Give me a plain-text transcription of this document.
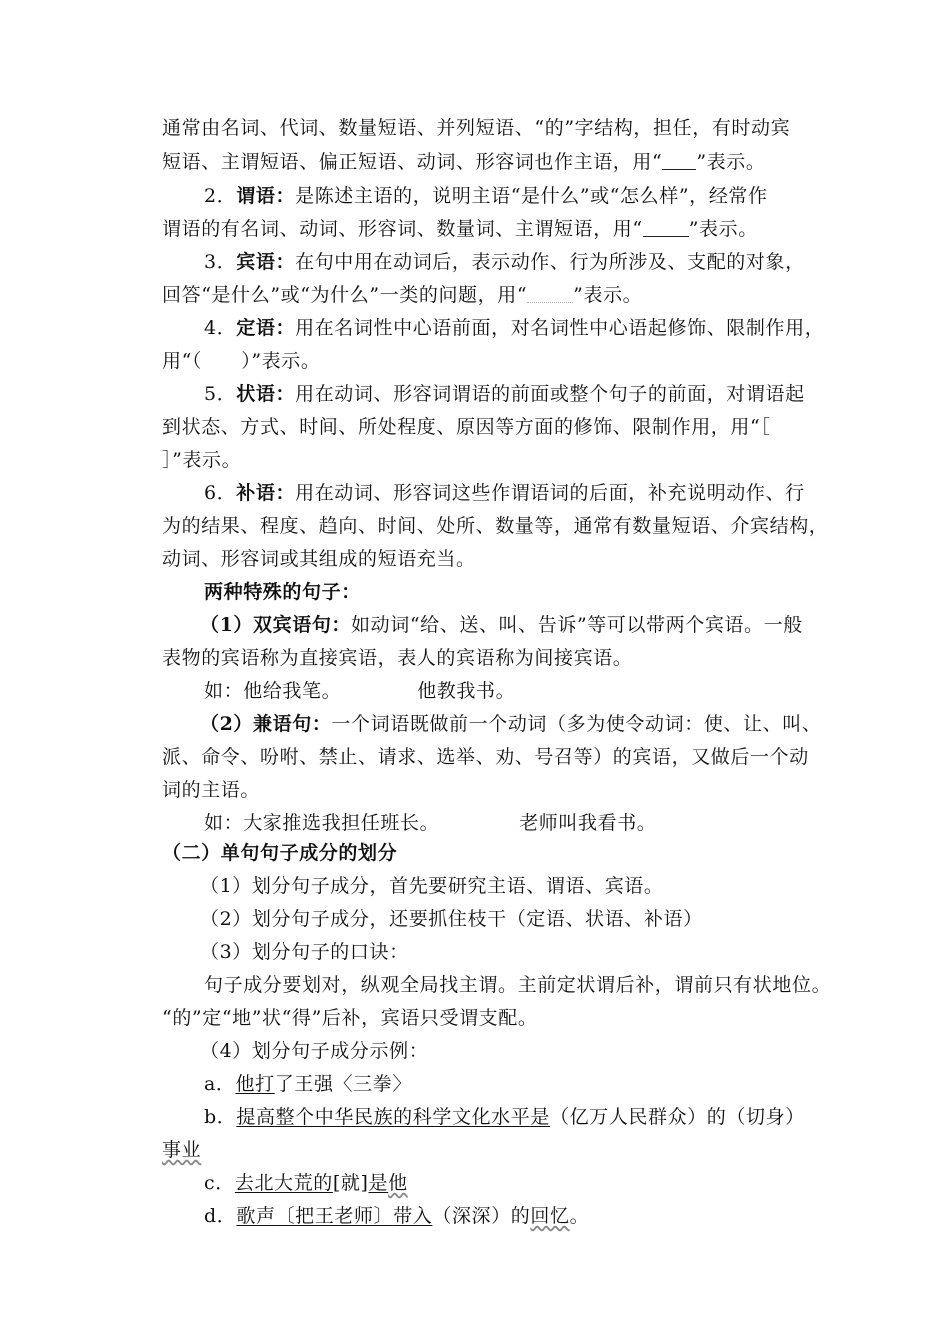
通常由名词、代词、数量短语、并列短语、“的”字结构，担任，有时动宾
短语、主谓短语、偏正短语、动词、形容词也作主语，用“ ”表示。
2．谓语：是陈述主语的，说明主语“是什么”或“怎么样”，经常作
谓语的有名词、动词、形容词、数量词、主谓短语，用“ ”表示。
3．宾语：在句中用在动词后，表示动作、行为所涉及、支配的对象，
回答“是什么”或“为什么”一类的问题，用“ ”表示。
4．定语：用在名词性中心语前面，对名词性中心语起修饰、限制作用，
用“（　　）”表示。
5．状语：用在动词、形容词谓语的前面或整个句子的前面，对谓语起
到状态、方式、时间、所处程度、原因等方面的修饰、限制作用，用“［
］”表示。
6．补语：用在动词、形容词这些作谓语词的后面，补充说明动作、行
为的结果、程度、趋向、时间、处所、数量等，通常有数量短语、介宾结构，
动词、形容词或其组成的短语充当。
两种特殊的句子：
（1）双宾语句：如动词“给、送、叫、告诉”等可以带两个宾语。一般
表物的宾语称为直接宾语，表人的宾语称为间接宾语。
如：他给我笔。	他教我书。
（2）兼语句：一个词语既做前一个动词（多为使令动词：使、让、叫、
派、命令、吩咐、禁止、请求、选举、劝、号召等）的宾语，又做后一个动
词的主语。
如：大家推选我担任班长。	老师叫我看书。
（二）单句句子成分的划分
（1）划分句子成分，首先要研究主语、谓语、宾语。
（2）划分句子成分，还要抓住枝干（定语、状语、补语）
（3）划分句子的口诀：
句子成分要划对，纵观全局找主谓。主前定状谓后补，谓前只有状地位。
“的”定“地”状“得”后补，宾语只受谓支配。
（4）划分句子成分示例：
a．他打了王强〈三拳〉
b．提高整个中华民族的科学文化水平是（亿万人民群众）的（切身）
事业
c．去北大荒的[就]是他
d．歌声〔把王老师〕带入（深深）的回忆。
